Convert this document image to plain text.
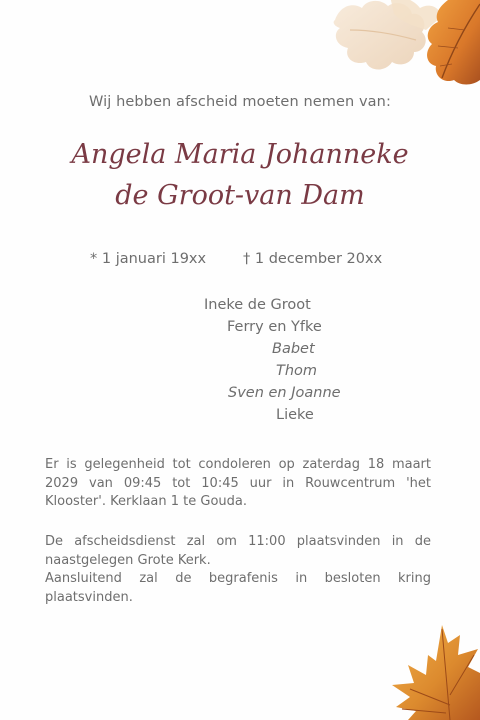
Wij hebben afscheid moeten nemen van:
Angela Maria Johanneke
de Groot-van Dam
* 1 januari 19xx	† 1 december 20xx
Ineke de Groot
Ferry en Yfke
Babet
Thom
Sven en Joanne
Lieke
Er is gelegenheid tot condoleren op zaterdag 18 maart 2029 van 09:45 tot 10:45 uur in Rouwcentrum 'het Klooster'. Kerklaan 1 te Gouda.
De afscheidsdienst zal om 11:00 plaatsvinden in de naastgelegen Grote Kerk.
Aansluitend zal de begrafenis in besloten kring plaatsvinden.
